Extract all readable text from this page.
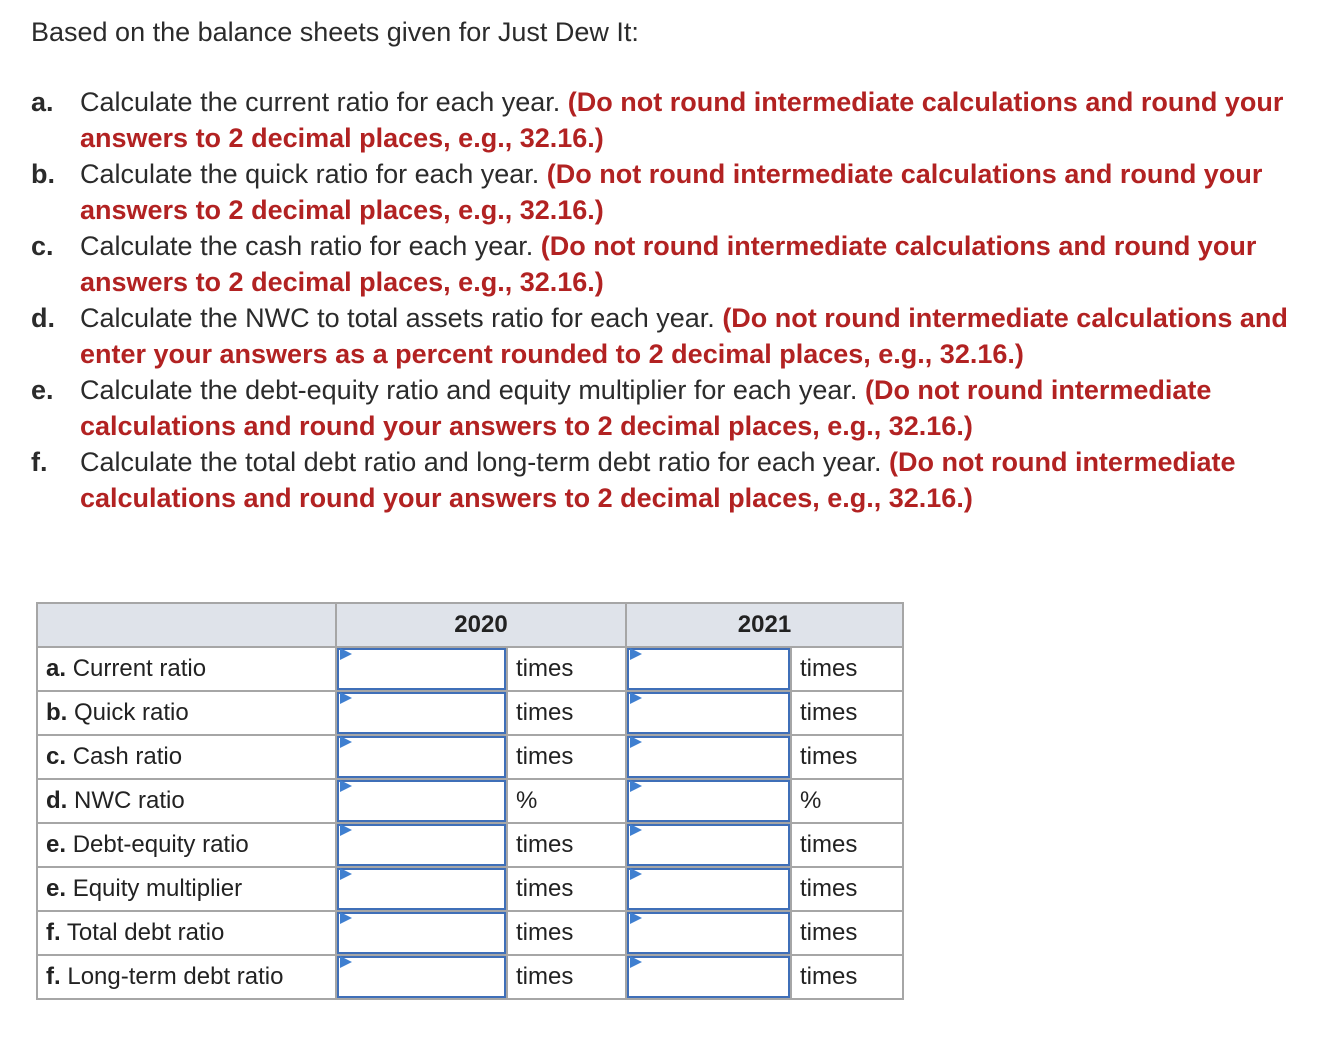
Based on the balance sheets given for Just Dew It:

a. Calculate the current ratio for each year. (Do not round intermediate calculations and round your answers to 2 decimal places, e.g., 32.16.)
b. Calculate the quick ratio for each year. (Do not round intermediate calculations and round your answers to 2 decimal places, e.g., 32.16.)
c. Calculate the cash ratio for each year. (Do not round intermediate calculations and round your answers to 2 decimal places, e.g., 32.16.)
d. Calculate the NWC to total assets ratio for each year. (Do not round intermediate calculations and enter your answers as a percent rounded to 2 decimal places, e.g., 32.16.)
e. Calculate the debt-equity ratio and equity multiplier for each year. (Do not round intermediate calculations and round your answers to 2 decimal places, e.g., 32.16.)
f. Calculate the total debt ratio and long-term debt ratio for each year. (Do not round intermediate calculations and round your answers to 2 decimal places, e.g., 32.16.)
	2020		2021	
a. Current ratio		times		times
b. Quick ratio		times		times
c. Cash ratio		times		times
d. NWC ratio		%		%
e. Debt-equity ratio		times		times
e. Equity multiplier		times		times
f. Total debt ratio		times		times
f. Long-term debt ratio		times		times
